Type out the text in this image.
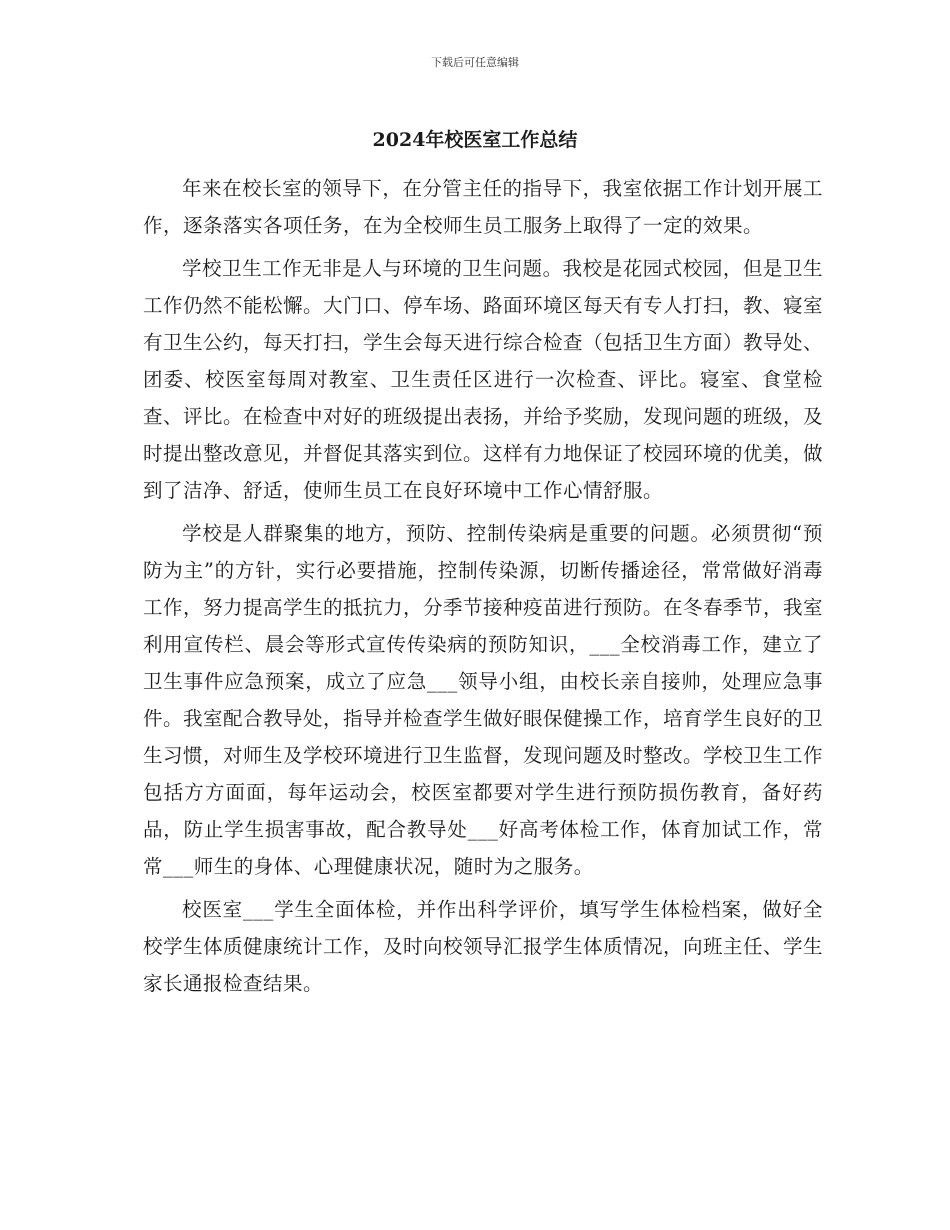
下载后可任意编辑
2024年校医室工作总结

年来在校长室的领导下，在分管主任的指导下，我室依据工作计划开展工作，逐条落实各项任务，在为全校师生员工服务上取得了一定的效果。

学校卫生工作无非是人与环境的卫生问题。我校是花园式校园，但是卫生工作仍然不能松懈。大门口、停车场、路面环境区每天有专人打扫，教、寝室有卫生公约，每天打扫，学生会每天进行综合检查（包括卫生方面）教导处、团委、校医室每周对教室、卫生责任区进行一次检查、评比。寝室、食堂检查、评比。在检查中对好的班级提出表扬，并给予奖励，发现问题的班级，及时提出整改意见，并督促其落实到位。这样有力地保证了校园环境的优美，做到了洁净、舒适，使师生员工在良好环境中工作心情舒服。

学校是人群聚集的地方，预防、控制传染病是重要的问题。必须贯彻“预防为主”的方针，实行必要措施，控制传染源，切断传播途径，常常做好消毒工作，努力提高学生的抵抗力，分季节接种疫苗进行预防。在冬春季节，我室利用宣传栏、晨会等形式宣传传染病的预防知识，___全校消毒工作，建立了卫生事件应急预案，成立了应急___领导小组，由校长亲自接帅，处理应急事件。我室配合教导处，指导并检查学生做好眼保健操工作，培育学生良好的卫生习惯，对师生及学校环境进行卫生监督，发现问题及时整改。学校卫生工作包括方方面面，每年运动会，校医室都要对学生进行预防损伤教育，备好药品，防止学生损害事故，配合教导处___好高考体检工作，体育加试工作，常常___师生的身体、心理健康状况，随时为之服务。

校医室___学生全面体检，并作出科学评价，填写学生体检档案，做好全校学生体质健康统计工作，及时向校领导汇报学生体质情况，向班主任、学生家长通报检查结果。
